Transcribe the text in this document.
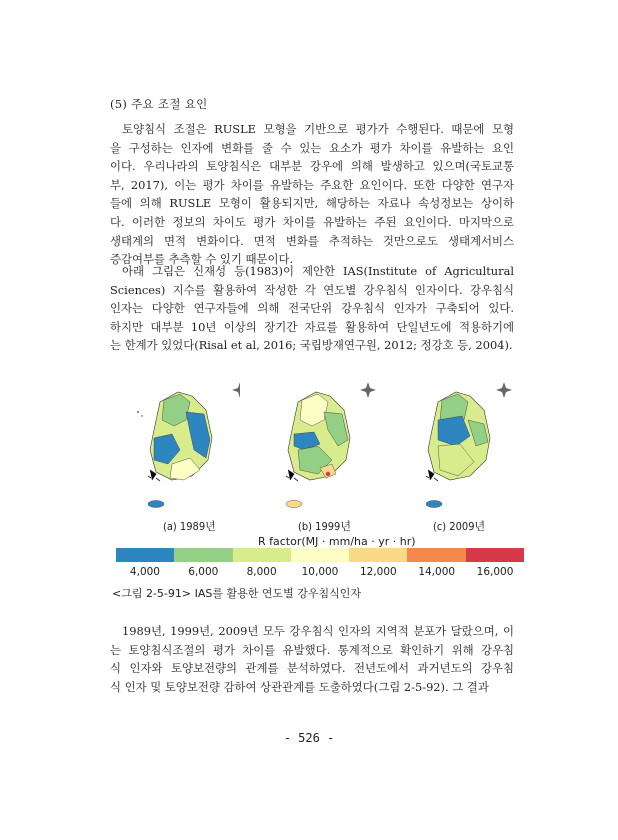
(5) 주요 조절 요인
토양침식 조절은 RUSLE 모형을 기반으로 평가가 수행된다. 때문에 모형
을 구성하는 인자에 변화를 줄 수 있는 요소가 평가 차이를 유발하는 요인
이다. 우리나라의 토양침식은 대부분 강우에 의해 발생하고 있으며(국토교통
부, 2017), 이는 평가 차이를 유발하는 주요한 요인이다. 또한 다양한 연구자
들에 의해 RUSLE 모형이 활용되지만, 해당하는 자료나 속성정보는 상이하
다. 이러한 정보의 차이도 평가 차이를 유발하는 주된 요인이다. 마지막으로
생태계의 면적 변화이다. 면적 변화를 추적하는 것만으로도 생태계서비스
증감여부를 추측할 수 있기 때문이다.
아래 그림은 신재성 등(1983)이 제안한 IAS(Institute of Agricultural
Sciences) 지수를 활용하여 작성한 각 연도별 강우침식 인자이다. 강우침식
인자는 다양한 연구자들에 의해 전국단위 강우침식 인자가 구축되어 있다.
하지만 대부분 10년 이상의 장기간 자료를 활용하여 단일년도에 적용하기에
는 한계가 있었다(Risal et al, 2016; 국립방재연구원, 2012; 정강호 등, 2004).
(a) 1989년	(b) 1999년	(c) 2009년
R factor(MJ · mm/ha · yr · hr)
4,000	6,000	8,000 10,000 12,000 14,000 16,000
<그림 2-5-91> IAS를 활용한 연도별 강우침식인자
1989년, 1999년, 2009년 모두 강우침식 인자의 지역적 분포가 달랐으며, 이
는 토양침식조절의 평가 차이를 유발했다. 통계적으로 확인하기 위해 강우침
식 인자와 토양보전량의 관계를 분석하였다. 전년도에서 과거년도의 강우침
식 인자 및 토양보전량 감하여 상관관계를 도출하였다(그림 2-5-92). 그 결과
- 526 -
